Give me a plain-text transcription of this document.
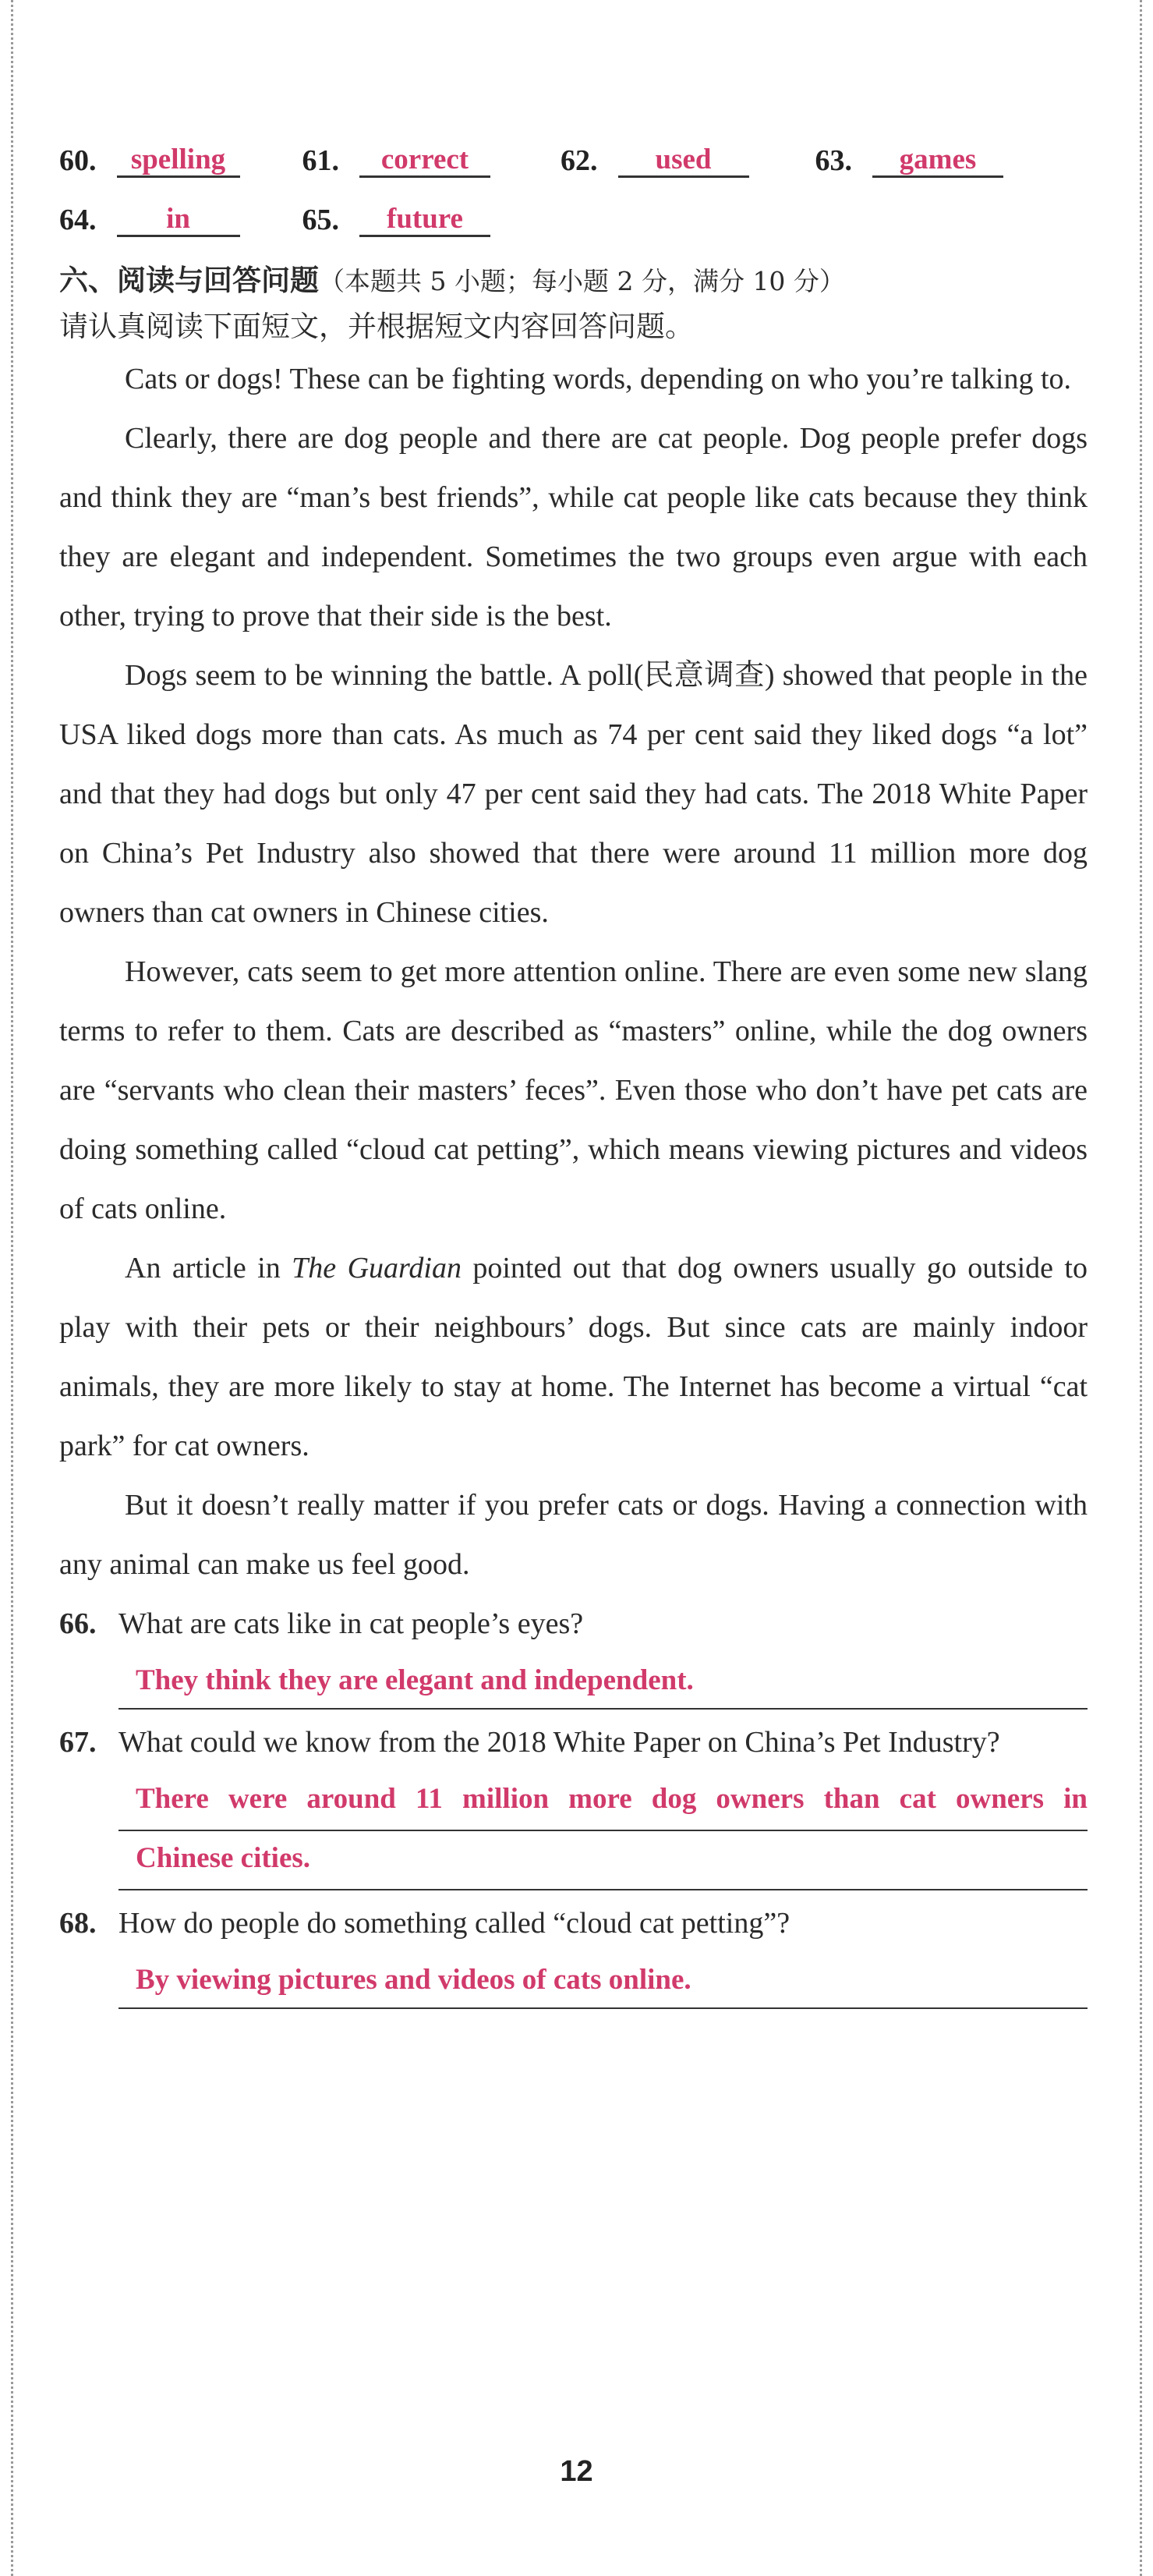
60.	spelling	61.	correct	62.	used	63.	games
64.	in	65.	future
六、阅读与回答问题（本题共 5 小题；每小题 2 分，满分 10 分）
请认真阅读下面短文，并根据短文内容回答问题。

Cats or dogs! These can be fighting words, depending on who you’re talking to.

Clearly, there are dog people and there are cat people. Dog people prefer dogs and think they are “man’s best friends”, while cat people like cats because they think they are elegant and independent. Sometimes the two groups even argue with each other, trying to prove that their side is the best.

Dogs seem to be winning the battle. A poll(民意调查) showed that people in the USA liked dogs more than cats. As much as 74 per cent said they liked dogs “a lot” and that they had dogs but only 47 per cent said they had cats. The 2018 White Paper on China’s Pet Industry also showed that there were around 11 million more dog owners than cat owners in Chinese cities.

However, cats seem to get more attention online. There are even some new slang terms to refer to them. Cats are described as “masters” online, while the dog owners are “servants who clean their masters’ feces”. Even those who don’t have pet cats are doing something called “cloud cat petting”, which means viewing pictures and videos of cats online.

An article in The Guardian pointed out that dog owners usually go outside to play with their pets or their neighbours’ dogs. But since cats are mainly indoor animals, they are more likely to stay at home. The Internet has become a virtual “cat park” for cat owners.

But it doesn’t really matter if you prefer cats or dogs. Having a connection with any animal can make us feel good.

66. What are cats like in cat people’s eyes?
They think they are elegant and independent.
67. What could we know from the 2018 White Paper on China’s Pet Industry?
There were around 11 million more dog owners than cat owners in
Chinese cities.
68. How do people do something called “cloud cat petting”?
By viewing pictures and videos of cats online.
12
